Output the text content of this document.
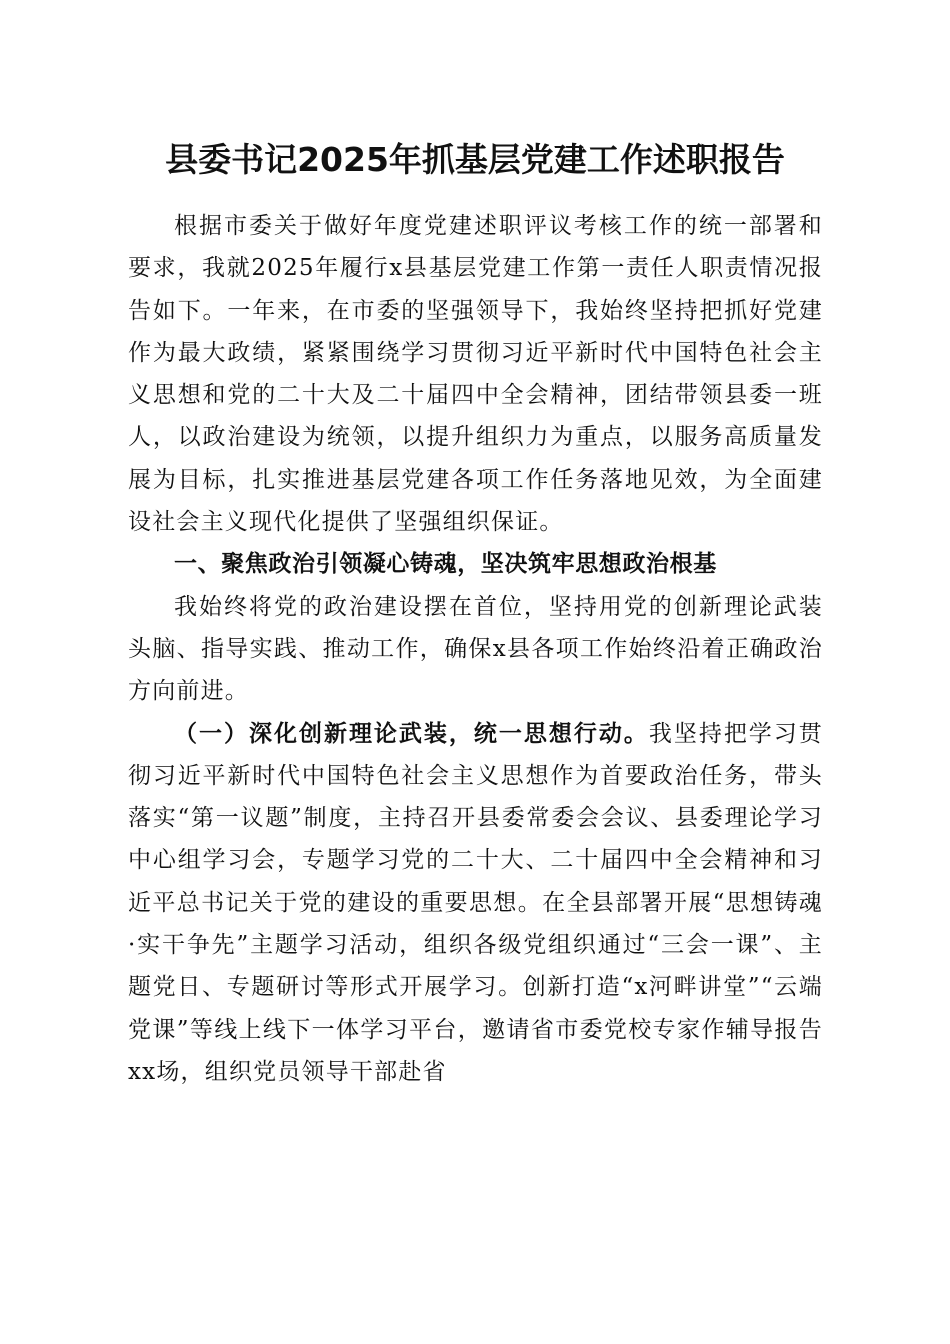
县委书记2025年抓基层党建工作述职报告

根据市委关于做好年度党建述职评议考核工作的统一部署和要求，我就2025年履行x县基层党建工作第一责任人职责情况报告如下。一年来，在市委的坚强领导下，我始终坚持把抓好党建作为最大政绩，紧紧围绕学习贯彻习近平新时代中国特色社会主义思想和党的二十大及二十届四中全会精神，团结带领县委一班人，以政治建设为统领，以提升组织力为重点，以服务高质量发展为目标，扎实推进基层党建各项工作任务落地见效，为全面建设社会主义现代化提供了坚强组织保证。

一、聚焦政治引领凝心铸魂，坚决筑牢思想政治根基

我始终将党的政治建设摆在首位，坚持用党的创新理论武装头脑、指导实践、推动工作，确保x县各项工作始终沿着正确政治方向前进。

（一）深化创新理论武装，统一思想行动。我坚持把学习贯彻习近平新时代中国特色社会主义思想作为首要政治任务，带头落实“第一议题”制度，主持召开县委常委会会议、县委理论学习中心组学习会，专题学习党的二十大、二十届四中全会精神和习近平总书记关于党的建设的重要思想。在全县部署开展“思想铸魂·实干争先”主题学习活动，组织各级党组织通过“三会一课”、主题党日、专题研讨等形式开展学习。创新打造“x河畔讲堂”“云端党课”等线上线下一体学习平台，邀请省市委党校专家作辅导报告xx场，组织党员领导干部赴省
